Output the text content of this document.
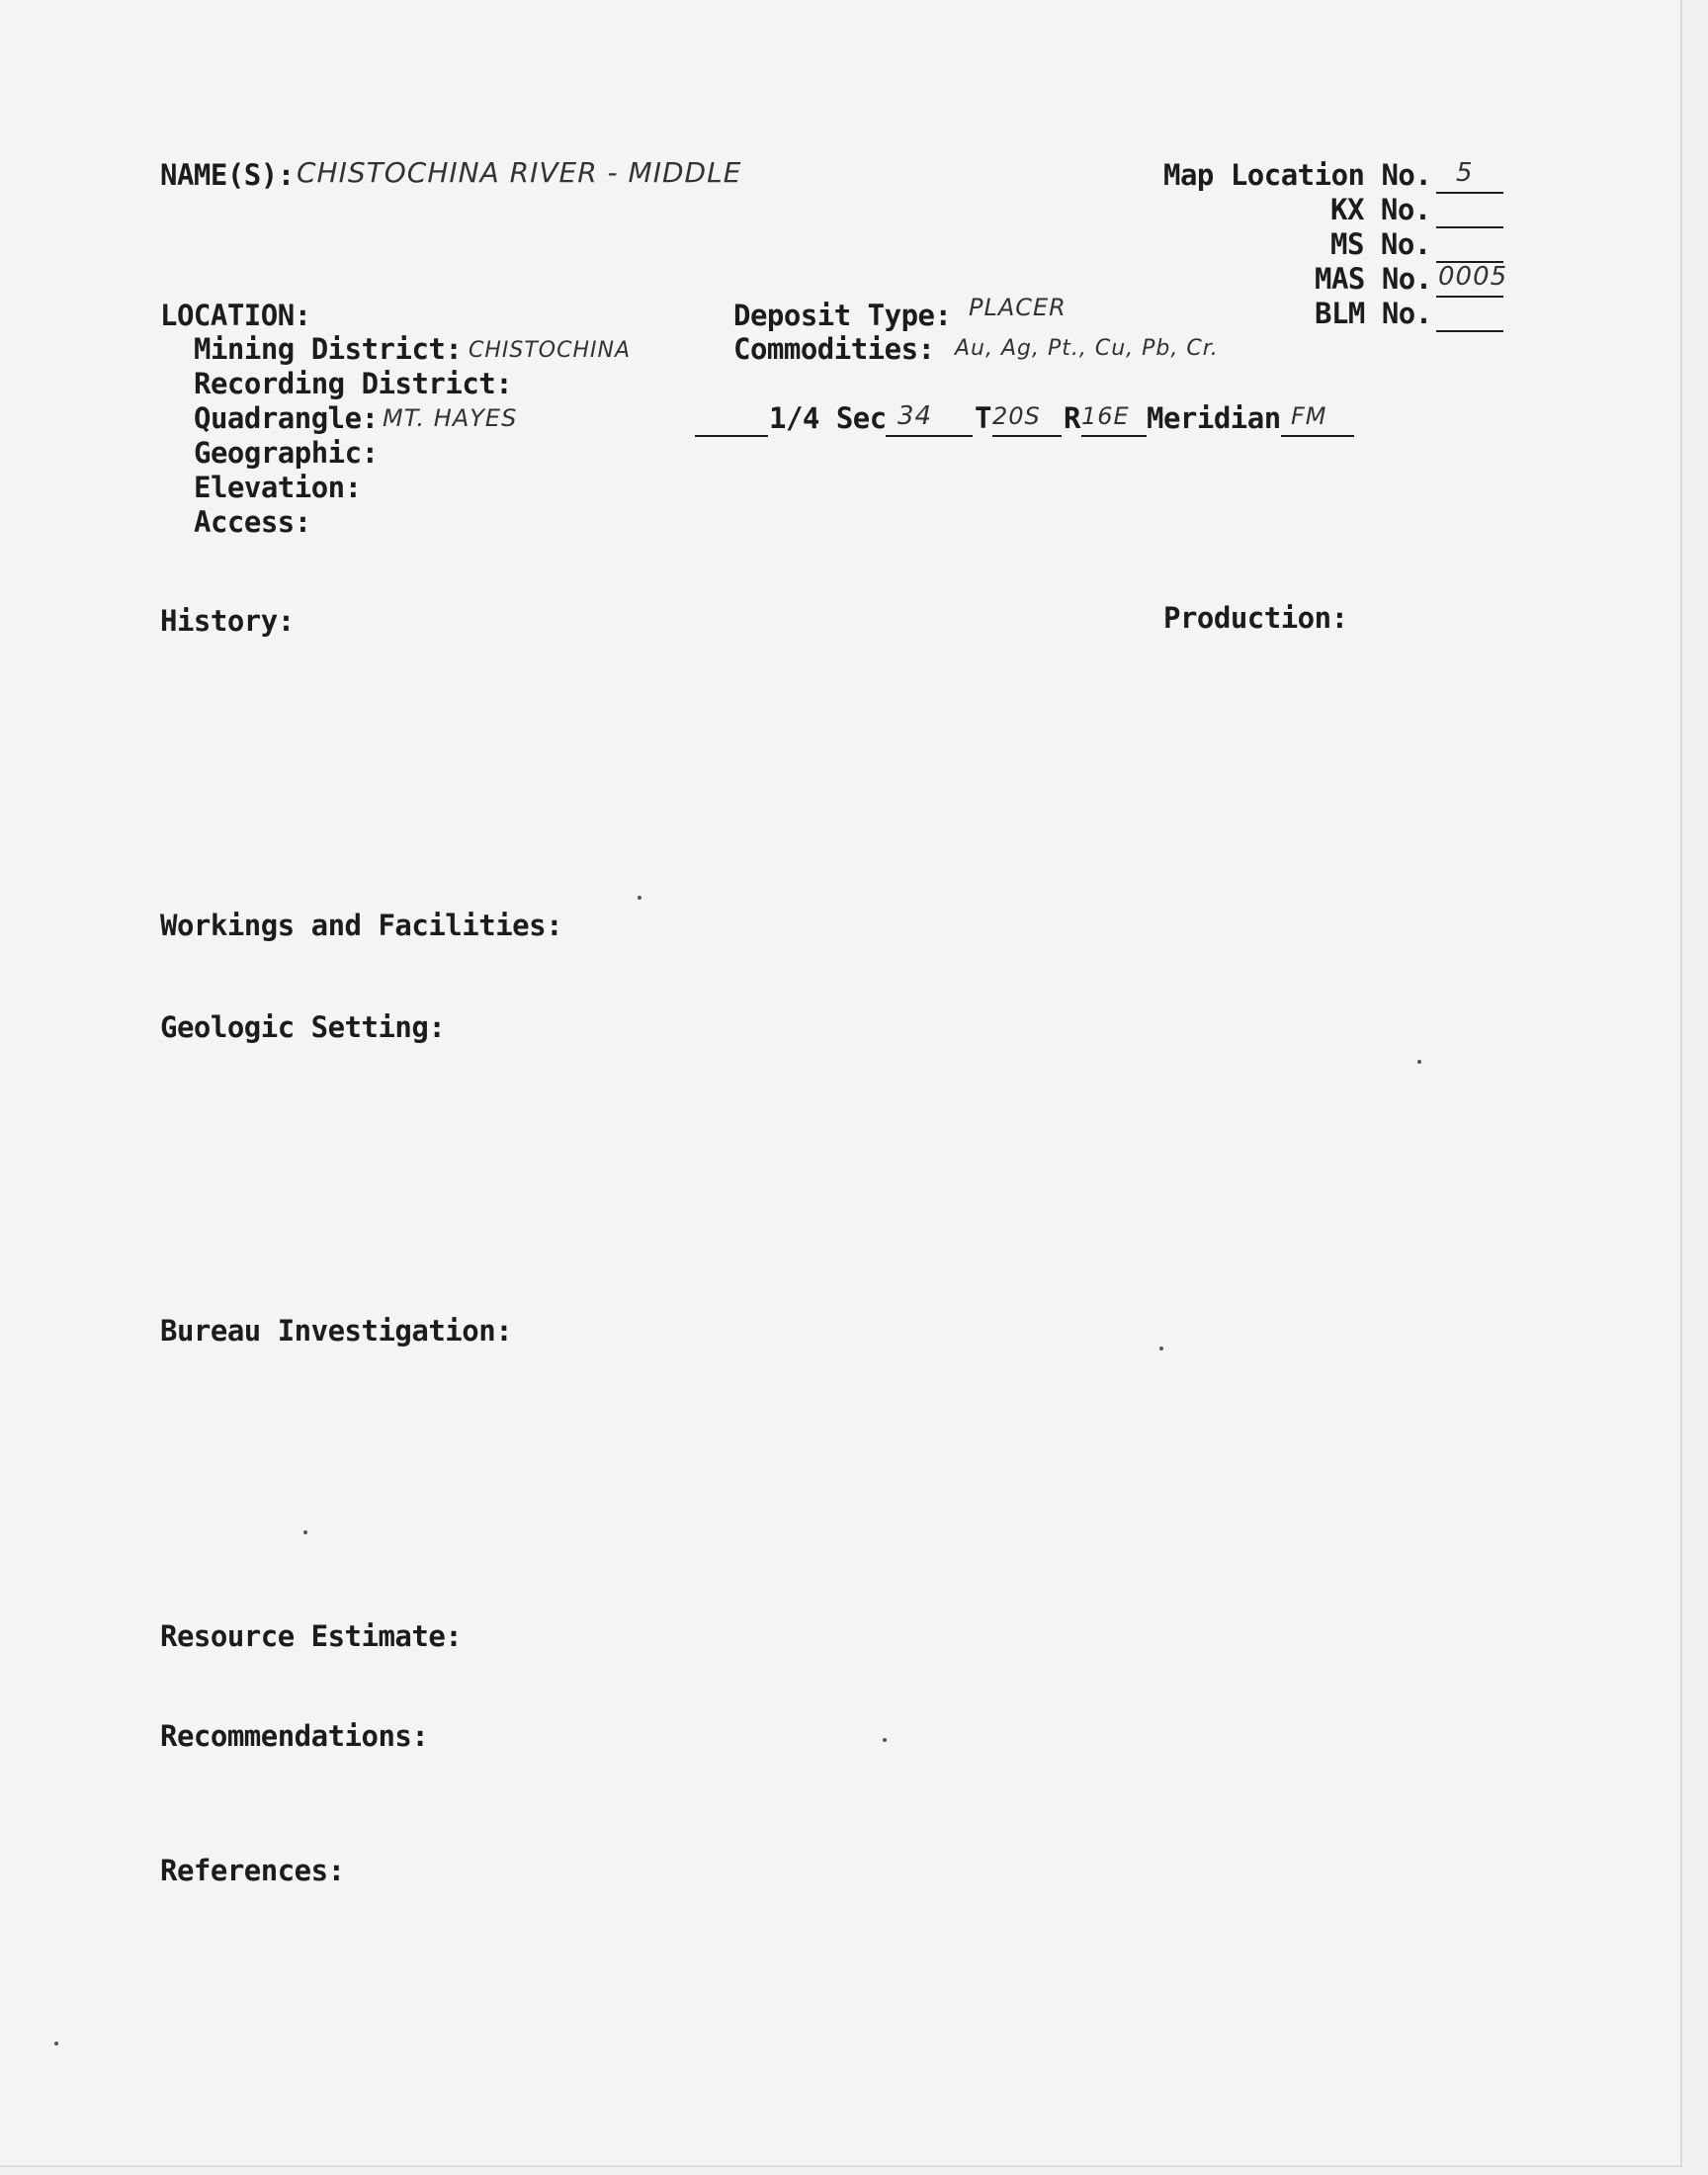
NAME(S): CHISTOCHINA RIVER - MIDDLE	Map Location No. 5
KX No.
MS No.
MAS No. 0005
BLM No.
LOCATION:
Mining District: CHISTOCHINA
Recording District:
Quadrangle: MT. HAYES
Geographic:
Elevation:
Access:
Deposit Type: PLACER
Commodities: Au, Ag, Pt., Cu, Pb, Cr.
1/4 Sec 34 T 20S R 16E Meridian FM
History:	Production:
Workings and Facilities:
Geologic Setting:
Bureau Investigation:
Resource Estimate:
Recommendations:
References:
